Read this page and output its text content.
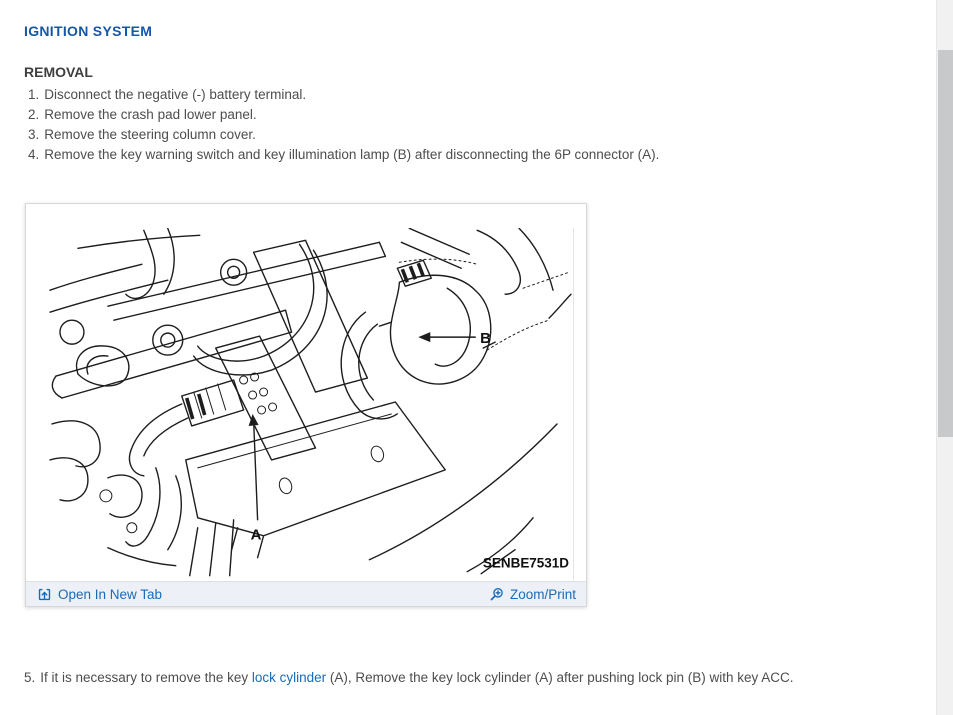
IGNITION SYSTEM
REMOVAL
1. Disconnect the negative (-) battery terminal.
2. Remove the crash pad lower panel.
3. Remove the steering column cover.
4. Remove the key warning switch and key illumination lamp (B) after disconnecting the 6P connector (A).
B
A
SENBE7531D
Open In New Tab	Zoom/Print
5. If it is necessary to remove the key lock cylinder (A), Remove the key lock cylinder (A) after pushing lock pin (B) with key ACC.
